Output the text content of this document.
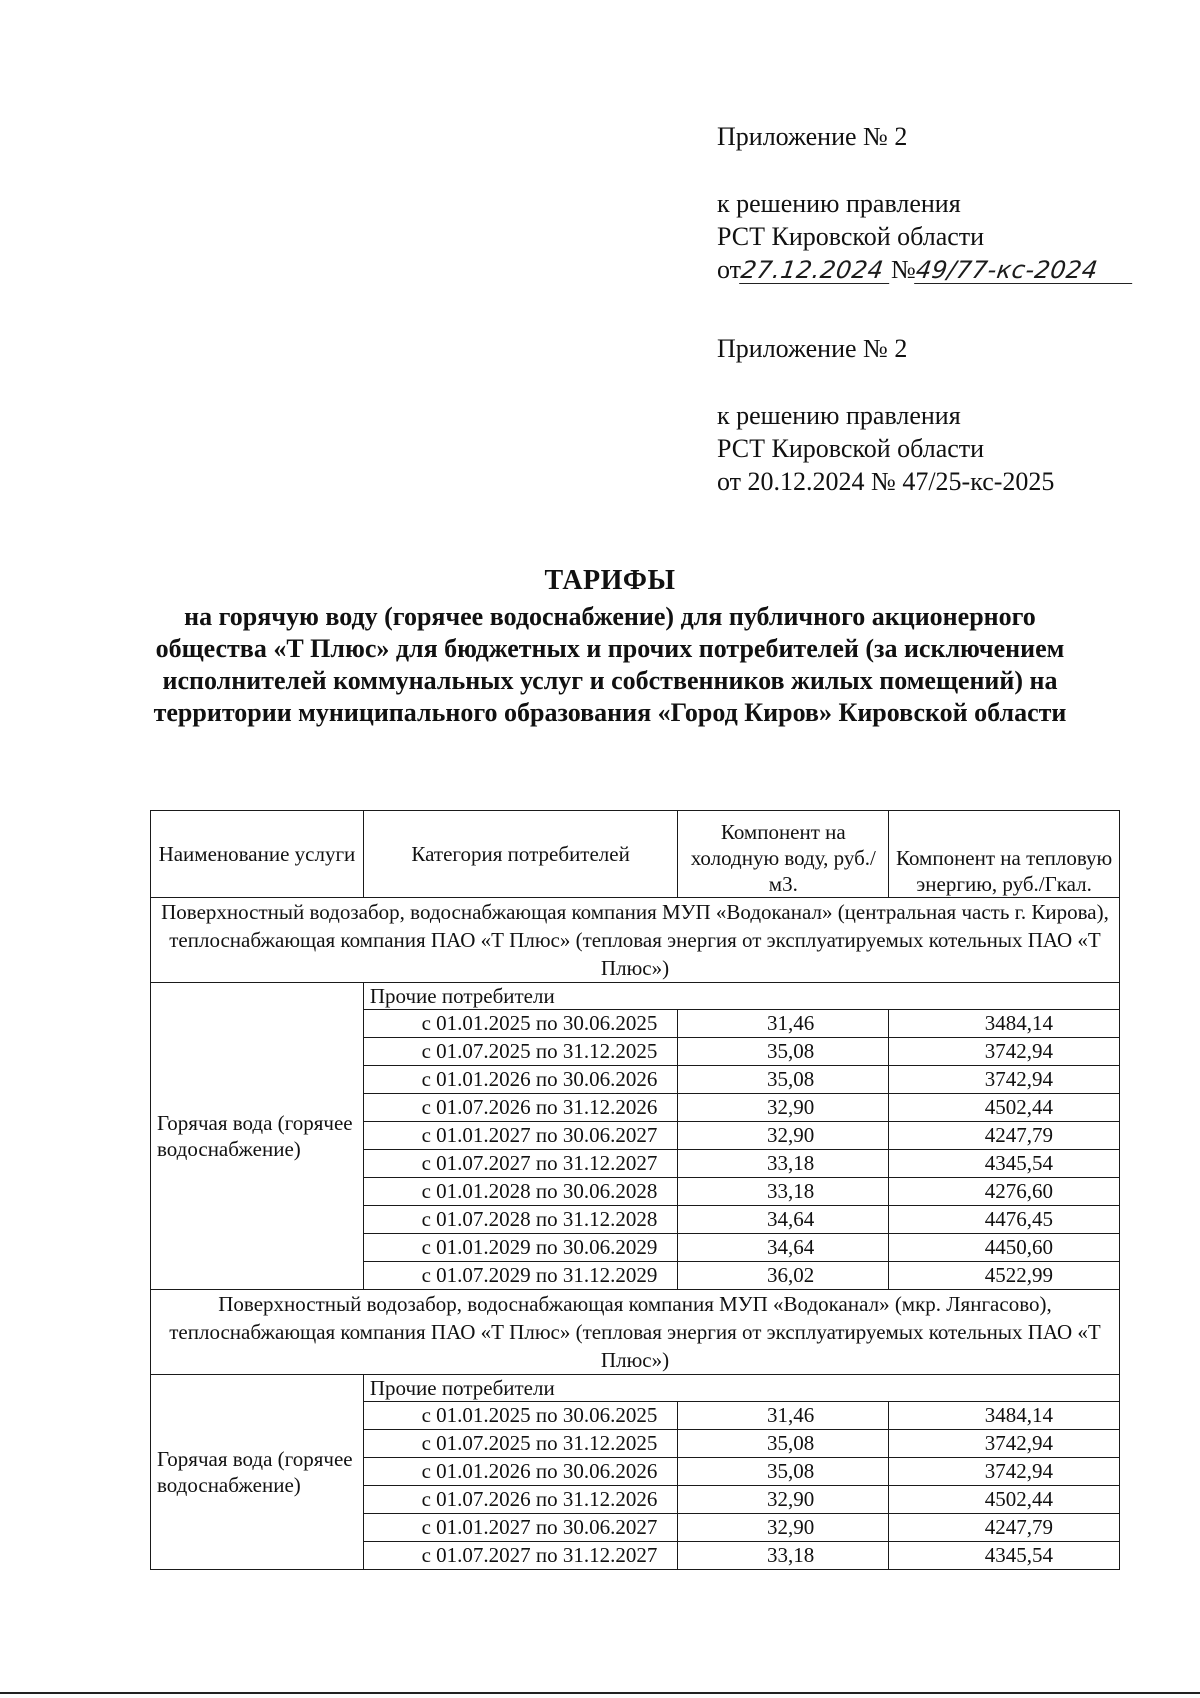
Приложение № 2
к решению правления
РСТ Кировской области
от27.12.2024 №49/77-кс-2024
Приложение № 2
к решению правления
РСТ Кировской области
от 20.12.2024 № 47/25-кс-2025
ТАРИФЫ
на горячую воду (горячее водоснабжение) для публичного акционерного общества «Т Плюс» для бюджетных и прочих потребителей (за исключением исполнителей коммунальных услуг и собственников жилых помещений) на территории муниципального образования «Город Киров» Кировской области
Наименование услуги	Категория потребителей	Компонент на холодную воду, руб./м3.	Компонент на тепловую энергию, руб./Гкал.
Поверхностный водозабор, водоснабжающая компания МУП «Водоканал» (центральная часть г. Кирова), теплоснабжающая компания ПАО «Т Плюс» (тепловая энергия от эксплуатируемых котельных ПАО «Т Плюс»)			
Горячая вода (горячее водоснабжение)	Прочие потребители		
	с 01.01.2025 по 30.06.2025	31,46	3484,14
	с 01.07.2025 по 31.12.2025	35,08	3742,94
	с 01.01.2026 по 30.06.2026	35,08	3742,94
	с 01.07.2026 по 31.12.2026	32,90	4502,44
	с 01.01.2027 по 30.06.2027	32,90	4247,79
	с 01.07.2027 по 31.12.2027	33,18	4345,54
	с 01.01.2028 по 30.06.2028	33,18	4276,60
	с 01.07.2028 по 31.12.2028	34,64	4476,45
	с 01.01.2029 по 30.06.2029	34,64	4450,60
	с 01.07.2029 по 31.12.2029	36,02	4522,99
Поверхностный водозабор, водоснабжающая компания МУП «Водоканал» (мкр. Лянгасово), теплоснабжающая компания ПАО «Т Плюс» (тепловая энергия от эксплуатируемых котельных ПАО «Т Плюс»)			
Горячая вода (горячее водоснабжение)	Прочие потребители		
	с 01.01.2025 по 30.06.2025	31,46	3484,14
	с 01.07.2025 по 31.12.2025	35,08	3742,94
	с 01.01.2026 по 30.06.2026	35,08	3742,94
	с 01.07.2026 по 31.12.2026	32,90	4502,44
	с 01.01.2027 по 30.06.2027	32,90	4247,79
	с 01.07.2027 по 31.12.2027	33,18	4345,54
